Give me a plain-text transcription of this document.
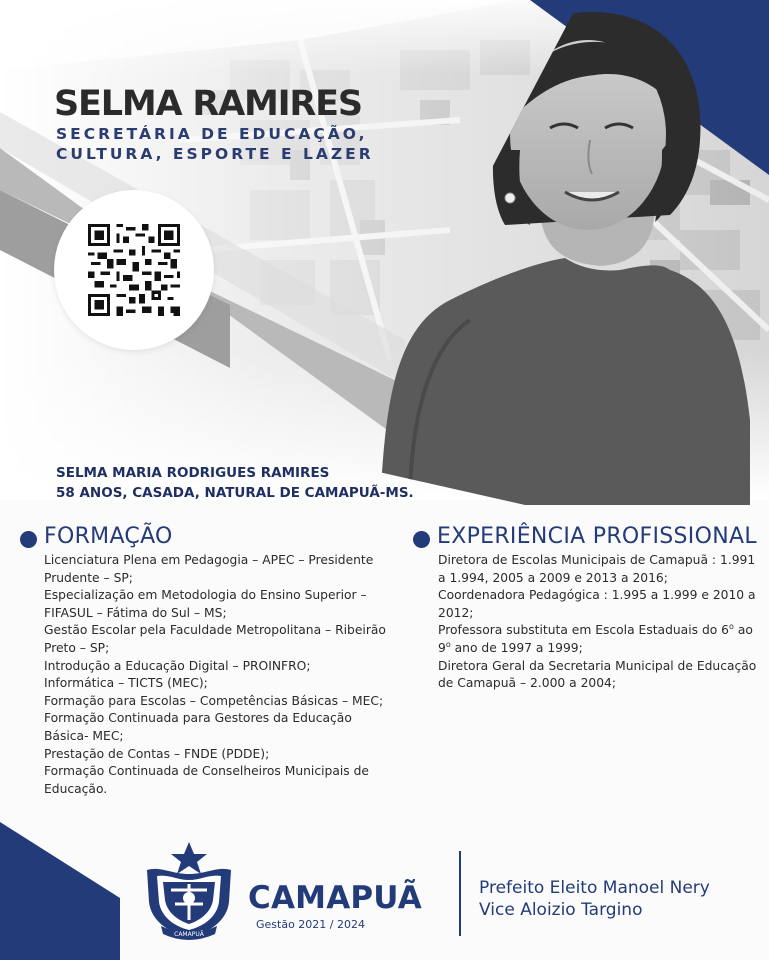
SELMA RAMIRES
SECRETÁRIA DE EDUCAÇÃO,
CULTURA, ESPORTE E LAZER
SELMA MARIA RODRIGUES RAMIRES
58 ANOS, CASADA, NATURAL DE CAMAPUÃ-MS.
FORMAÇÃO
Licenciatura Plena em Pedagogia – APEC – Presidente Prudente – SP;
Especialização em Metodologia do Ensino Superior – FIFASUL – Fátima do Sul – MS;
Gestão Escolar pela Faculdade Metropolitana – Ribeirão Preto – SP;
Introdução a Educação Digital – PROINFRO;
Informática – TICTS (MEC);
Formação para Escolas – Competências Básicas – MEC;
Formação Continuada para Gestores da Educação Básica- MEC;
Prestação de Contas – FNDE (PDDE);
Formação Continuada de Conselheiros Municipais de Educação.
EXPERIÊNCIA PROFISSIONAL
Diretora de Escolas Municipais de Camapuã : 1.991 a 1.994, 2005 a 2009 e 2013 a 2016;
Coordenadora Pedagógica : 1.995 a 1.999 e 2010 a 2012;
Professora substituta em Escola Estaduais do 6$^o$ ao 9$^o$ ano de 1997 a 1999;
Diretora Geral da Secretaria Municipal de Educação de Camapuã – 2.000 a 2004;
CAMAPUÃ
CAMAPUÃ
Gestão 2021 / 2024
Prefeito Eleito Manoel Nery
Vice Aloizio Targino
